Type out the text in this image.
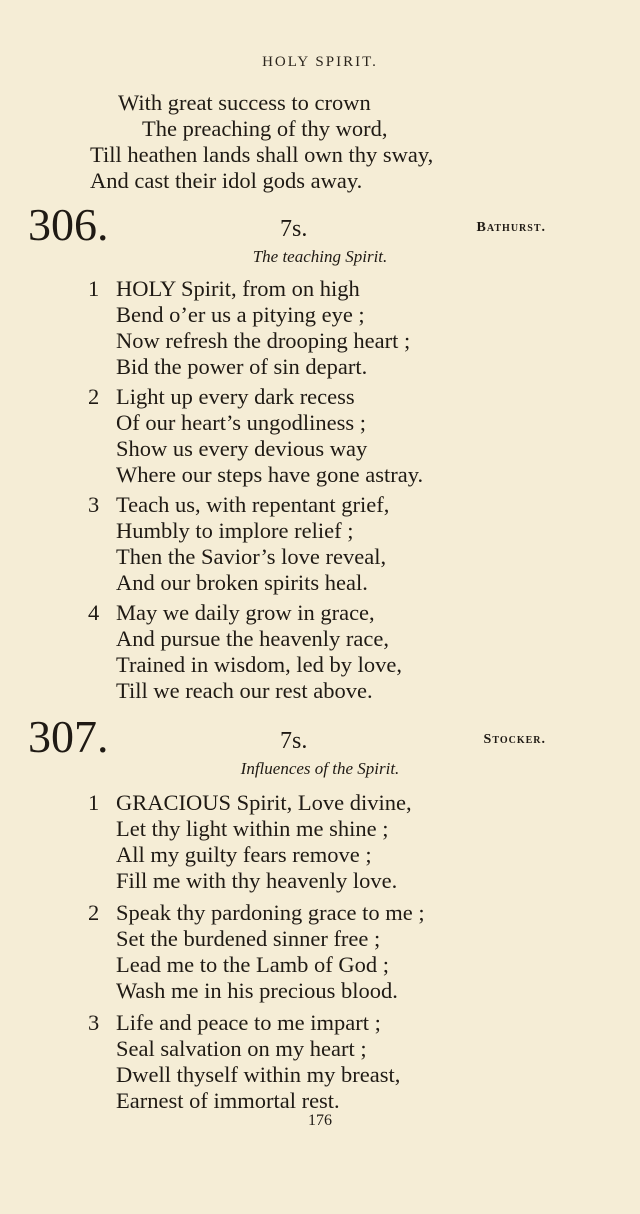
HOLY SPIRIT.
With great success to crown
The preaching of thy word,
Till heathen lands shall own thy sway,
And cast their idol gods away.
306.	7s.	Bathurst.
The teaching Spirit.
1 HOLY Spirit, from on high
Bend o’er us a pitying eye ;
Now refresh the drooping heart ;
Bid the power of sin depart.
2 Light up every dark recess
Of our heart’s ungodliness ;
Show us every devious way
Where our steps have gone astray.
3 Teach us, with repentant grief,
Humbly to implore relief ;
Then the Savior’s love reveal,
And our broken spirits heal.
4 May we daily grow in grace,
And pursue the heavenly race,
Trained in wisdom, led by love,
Till we reach our rest above.
307.	7s.	Stocker.
Influences of the Spirit.
1 GRACIOUS Spirit, Love divine,
Let thy light within me shine ;
All my guilty fears remove ;
Fill me with thy heavenly love.
2 Speak thy pardoning grace to me ;
Set the burdened sinner free ;
Lead me to the Lamb of God ;
Wash me in his precious blood.
3 Life and peace to me impart ;
Seal salvation on my heart ;
Dwell thyself within my breast,
Earnest of immortal rest.
176
